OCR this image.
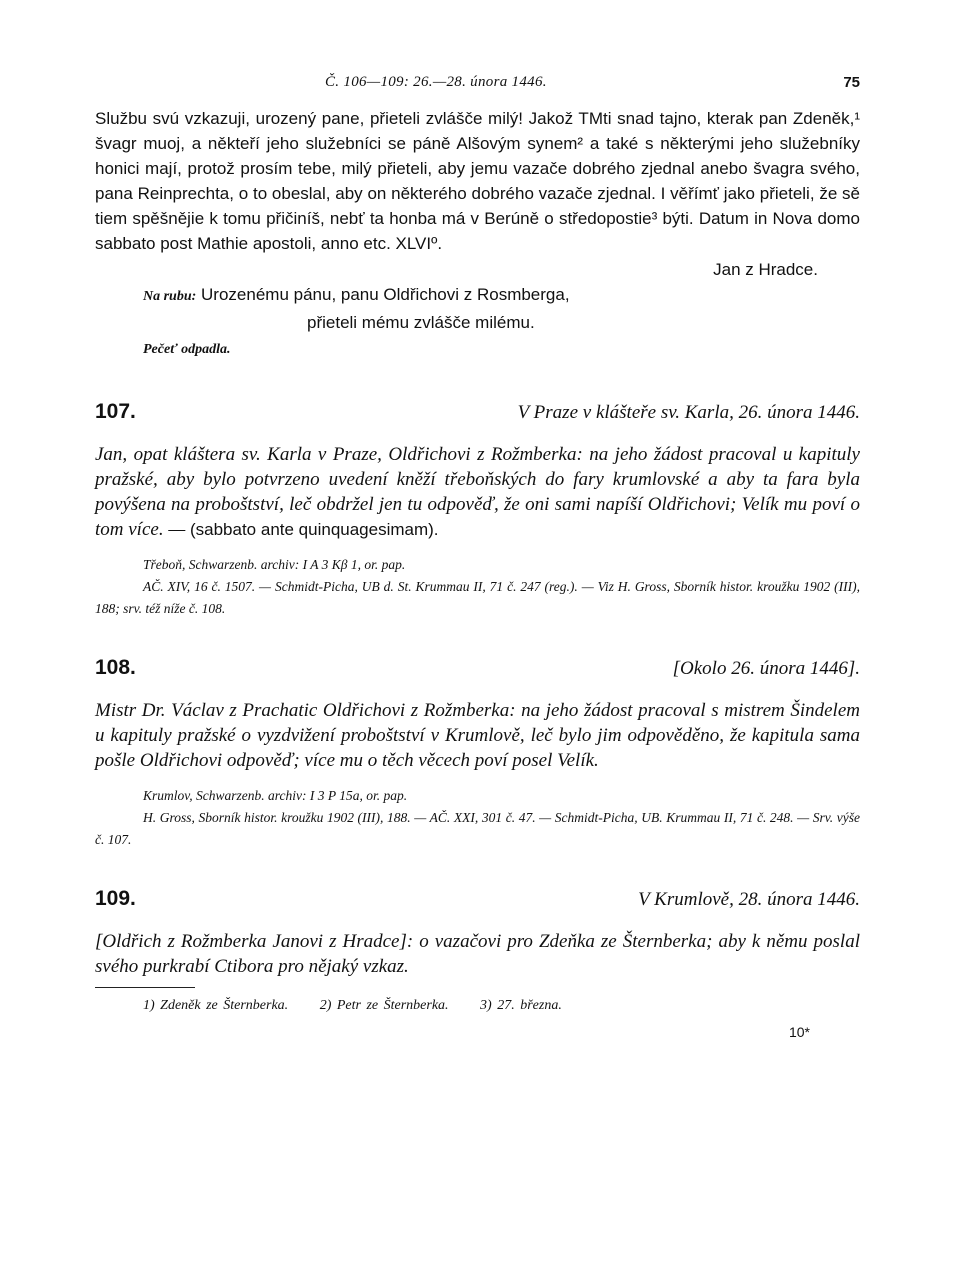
Č. 106—109: 26.—28. února 1446.	75

Službu svú vzkazuji, urozený pane, přieteli zvlášče milý! Jakož TMti snad tajno, kterak pan Zdeněk,¹ švagr muoj, a někteří jeho služebníci se páně Alšovým synem² a také s některými jeho služebníky honici mají, protož prosím tebe, milý přieteli, aby jemu vazače dobrého zjednal anebo švagra svého, pana Reinprechta, o to obeslal, aby on některého dobrého vazače zjednal. I věřímť jako přieteli, že sě tiem spěšnějie k tomu přičiníš, nebť ta honba má v Berúně o středopostie³ býti. Datum in Nova domo sabbato post Mathie apostoli, anno etc. XLVIº.

Jan z Hradce.
Na rubu: Urozenému pánu, panu Oldřichovi z Rosmberga,
přieteli mému zvlášče milému.
Pečeť odpadla.
107.	V Praze v klášteře sv. Karla, 26. února 1446.
Jan, opat kláštera sv. Karla v Praze, Oldřichovi z Rožmberka: na jeho žádost pracoval u kapituly pražské, aby bylo potvrzeno uvedení kněží třeboňských do fary krumlovské a aby ta fara byla povýšena na proboštství, leč obdržel jen tu odpověď, že oni sami napíší Oldřichovi; Velík mu poví o tom více. — (sabbato ante quinquagesimam).
Třeboň, Schwarzenb. archiv: I A 3 Kβ 1, or. pap.
AČ. XIV, 16 č. 1507. — Schmidt-Picha, UB d. St. Krummau II, 71 č. 247 (reg.). — Viz H. Gross, Sborník histor. kroužku 1902 (III), 188; srv. též níže č. 108.
108.	[Okolo 26. února 1446].
Mistr Dr. Václav z Prachatic Oldřichovi z Rožmberka: na jeho žádost pracoval s mistrem Šindelem u kapituly pražské o vyzdvižení proboštství v Krumlově, leč bylo jim odpověděno, že kapitula sama pošle Oldřichovi odpověď; více mu o těch věcech poví posel Velík.
Krumlov, Schwarzenb. archiv: I 3 P 15a, or. pap.
H. Gross, Sborník histor. kroužku 1902 (III), 188. — AČ. XXI, 301 č. 47. — Schmidt-Picha, UB. Krummau II, 71 č. 248. — Srv. výše č. 107.
109.	V Krumlově, 28. února 1446.
[Oldřich z Rožmberka Janovi z Hradce]: o vazačovi pro Zdeňka ze Šternberka; aby k němu poslal svého purkrabí Ctibora pro nějaký vzkaz.
1) Zdeněk ze Šternberka. 2) Petr ze Šternberka. 3) 27. března.
10*
